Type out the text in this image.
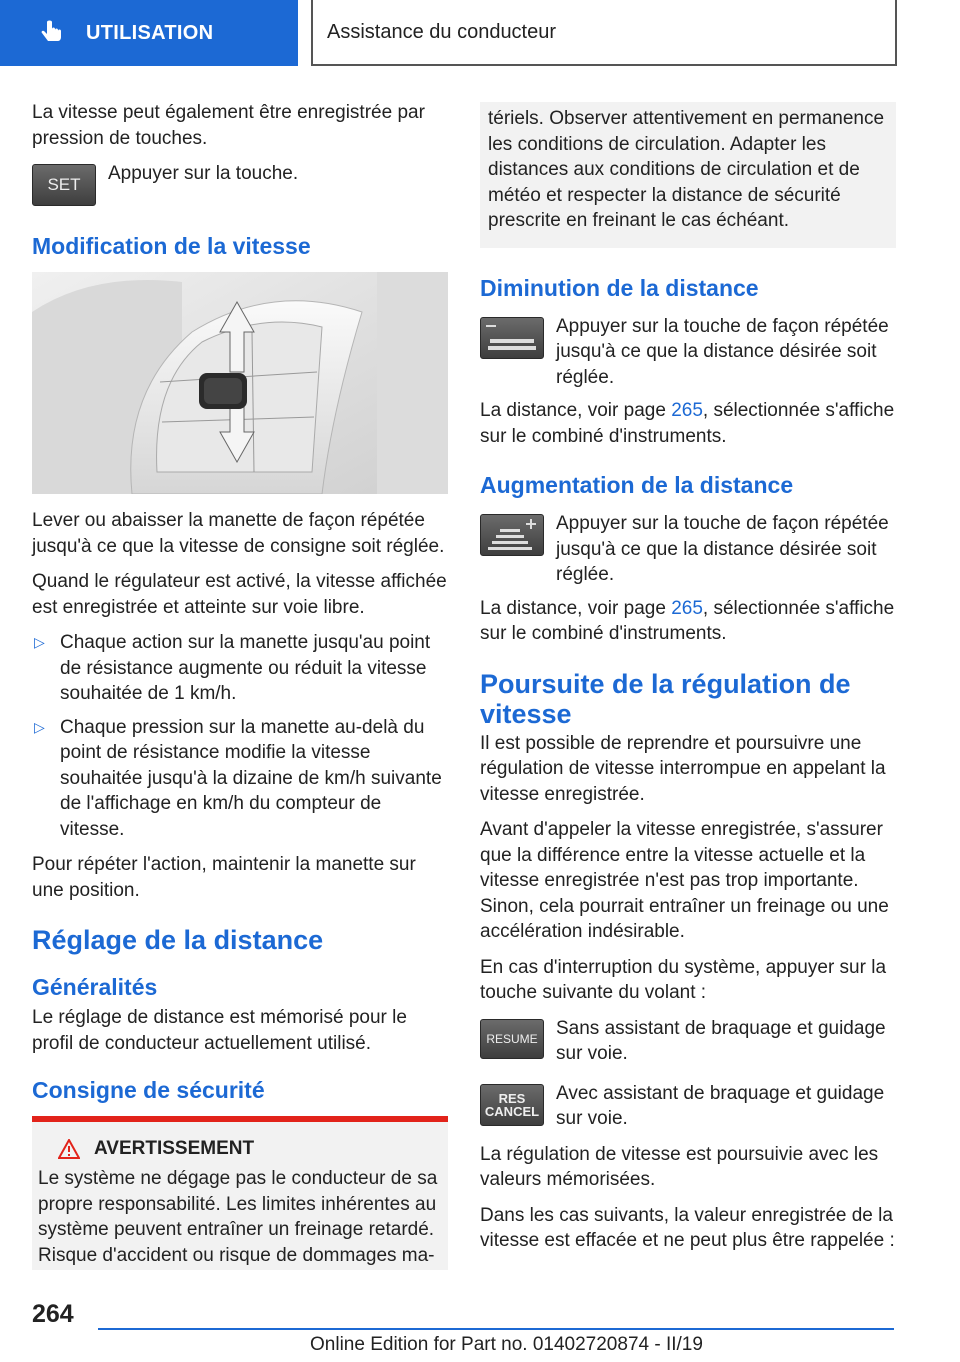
UTILISATION	Assistance du conducteur

La vitesse peut également être enregistrée par pression de touches.

SET
Appuyer sur la touche.
Modification de la vitesse

Lever ou abaisser la manette de façon répétée jusqu'à ce que la vitesse de consigne soit réglée.

Quand le régulateur est activé, la vitesse affichée est enregistrée et atteinte sur voie libre.

▷ Chaque action sur la manette jusqu'au point de résistance augmente ou réduit la vitesse souhaitée de 1 km/h.
▷ Chaque pression sur la manette au-delà du point de résistance modifie la vitesse souhaitée jusqu'à la dizaine de km/h suivante de l'affichage en km/h du compteur de vitesse.

Pour répéter l'action, maintenir la manette sur une position.

Réglage de la distance
Généralités

Le réglage de distance est mémorisé pour le profil de conducteur actuellement utilisé.

Consigne de sécurité
AVERTISSEMENT

Le système ne dégage pas le conducteur de sa propre responsabilité. Les limites inhérentes au système peuvent entraîner un freinage retardé. Risque d'accident ou risque de dommages ma-

tériels. Observer attentivement en permanence les conditions de circulation. Adapter les distances aux conditions de circulation et de météo et respecter la distance de sécurité prescrite en freinant le cas échéant.

Diminution de la distance
Appuyer sur la touche de façon répétée jusqu'à ce que la distance désirée soit réglée.

La distance, voir page 265, sélectionnée s'affiche sur le combiné d'instruments.

Augmentation de la distance
Appuyer sur la touche de façon répétée jusqu'à ce que la distance désirée soit réglée.

La distance, voir page 265, sélectionnée s'affiche sur le combiné d'instruments.

Poursuite de la régulation de vitesse

Il est possible de reprendre et poursuivre une régulation de vitesse interrompue en appelant la vitesse enregistrée.

Avant d'appeler la vitesse enregistrée, s'assurer que la différence entre la vitesse actuelle et la vitesse enregistrée n'est pas trop importante. Sinon, cela pourrait entraîner un freinage ou une accélération indésirable.

En cas d'interruption du système, appuyer sur la touche suivante du volant :

RESUME Sans assistant de braquage et guidage sur voie.
RES
CANCEL
Avec assistant de braquage et guidage sur voie.

La régulation de vitesse est poursuivie avec les valeurs mémorisées.

Dans les cas suivants, la valeur enregistrée de la vitesse est effacée et ne peut plus être rappelée :

264
Online Edition for Part no. 01402720874 - II/19
